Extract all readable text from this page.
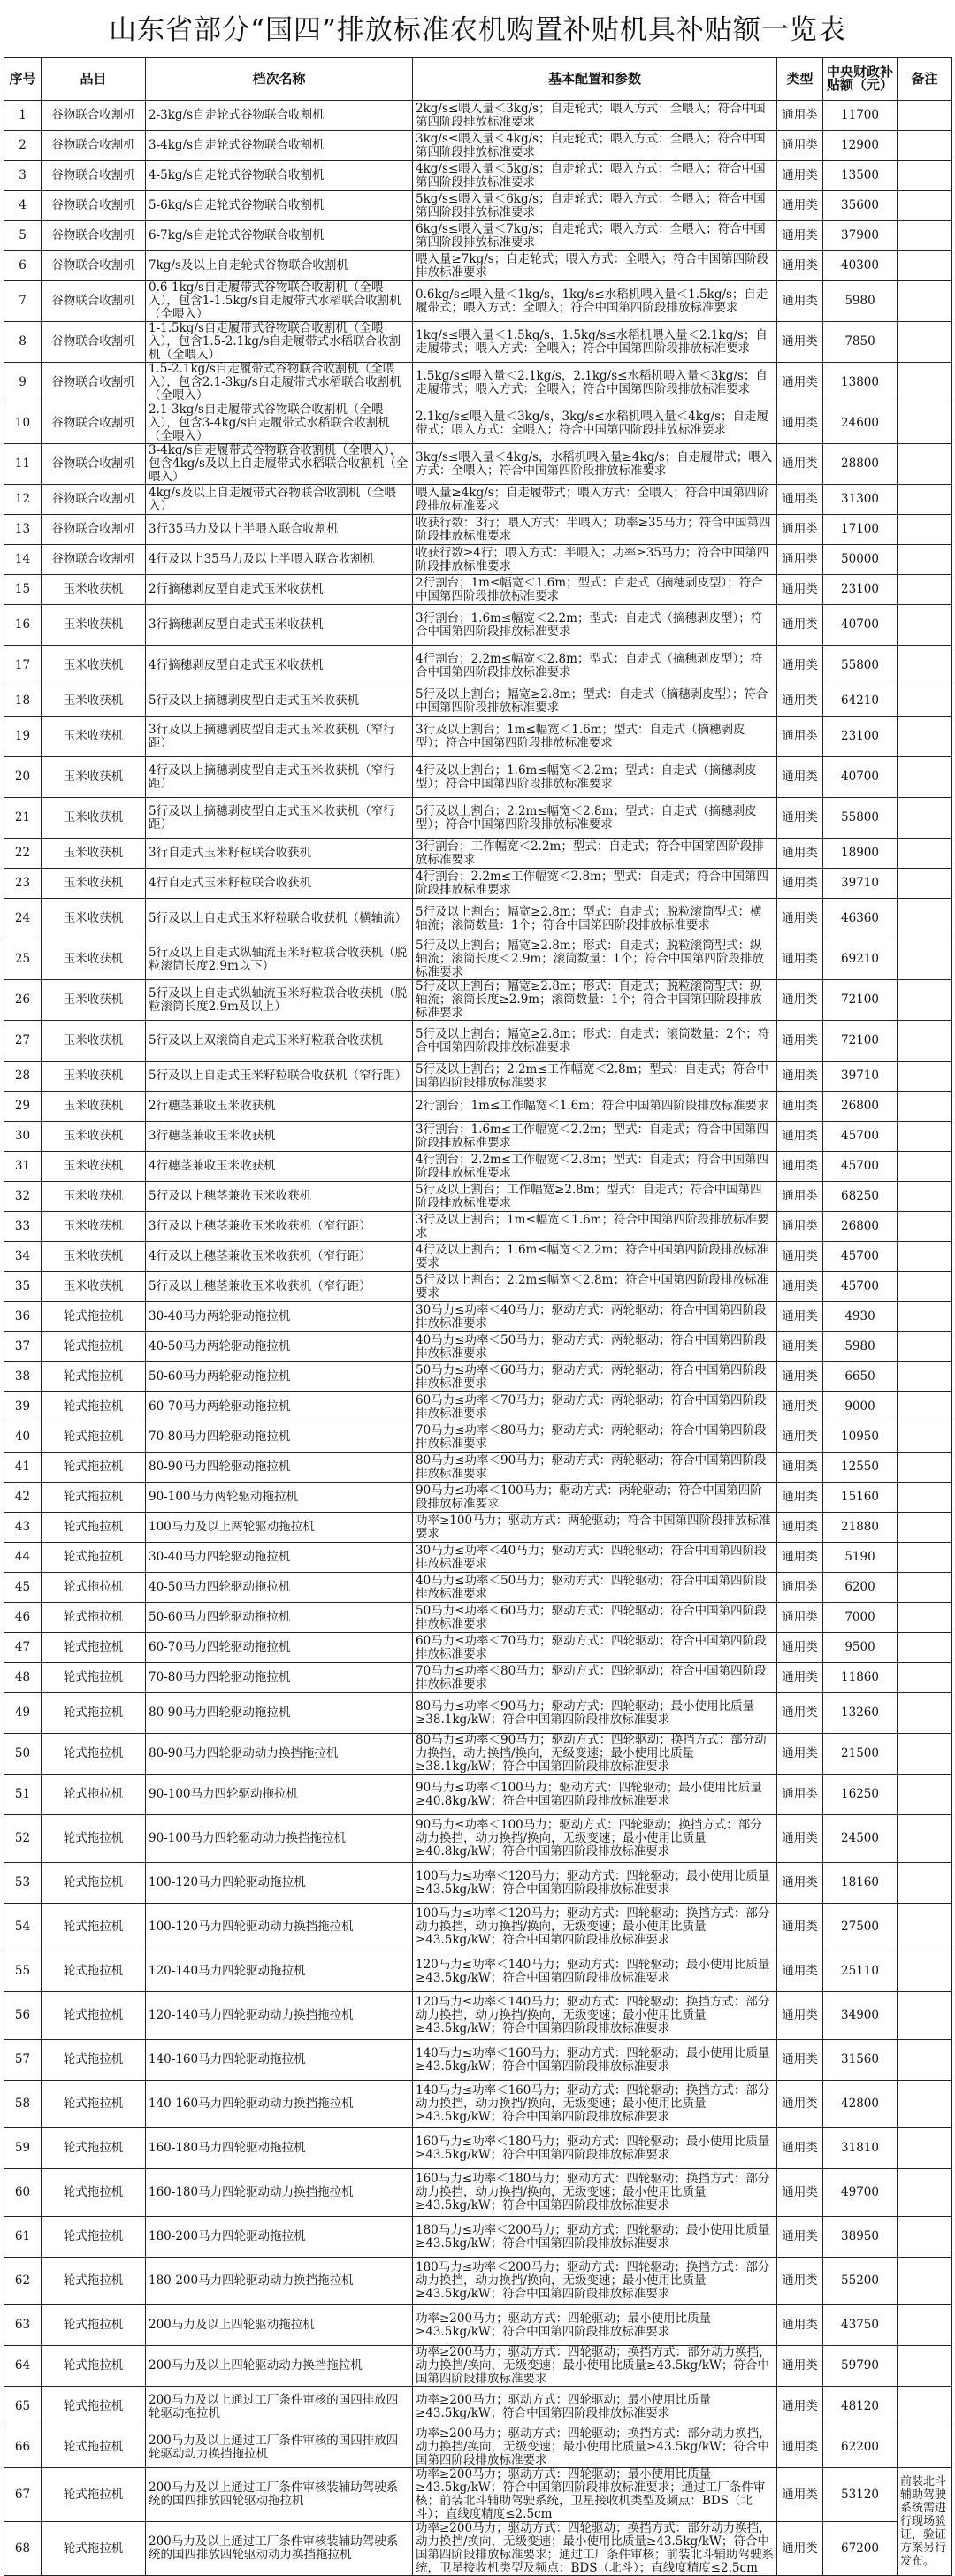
山东省部分“国四”排放标准农机购置补贴机具补贴额一览表
序号	品目	档次名称	基本配置和参数	类型	中央财政补贴额（元）	备注
1	谷物联合收割机	2-3kg/s自走轮式谷物联合收割机	2kg/s≤喂入量＜3kg/s；自走轮式；喂入方式：全喂入；符合中国第四阶段排放标准要求	通用类	11700	
2	谷物联合收割机	3-4kg/s自走轮式谷物联合收割机	3kg/s≤喂入量＜4kg/s；自走轮式；喂入方式：全喂入；符合中国第四阶段排放标准要求	通用类	12900	
3	谷物联合收割机	4-5kg/s自走轮式谷物联合收割机	4kg/s≤喂入量＜5kg/s；自走轮式；喂入方式：全喂入；符合中国第四阶段排放标准要求	通用类	13500	
4	谷物联合收割机	5-6kg/s自走轮式谷物联合收割机	5kg/s≤喂入量＜6kg/s；自走轮式；喂入方式：全喂入；符合中国第四阶段排放标准要求	通用类	35600	
5	谷物联合收割机	6-7kg/s自走轮式谷物联合收割机	6kg/s≤喂入量＜7kg/s；自走轮式；喂入方式：全喂入；符合中国第四阶段排放标准要求	通用类	37900	
6	谷物联合收割机	7kg/s及以上自走轮式谷物联合收割机	喂入量≥7kg/s；自走轮式；喂入方式：全喂入；符合中国第四阶段排放标准要求	通用类	40300	
7	谷物联合收割机	0.6-1kg/s自走履带式谷物联合收割机（全喂入），包含1-1.5kg/s自走履带式水稻联合收割机（全喂入）	0.6kg/s≤喂入量＜1kg/s，1kg/s≤水稻机喂入量＜1.5kg/s；自走履带式；喂入方式：全喂入；符合中国第四阶段排放标准要求	通用类	5980	
8	谷物联合收割机	1-1.5kg/s自走履带式谷物联合收割机（全喂入），包含1.5-2.1kg/s自走履带式水稻联合收割机（全喂入）	1kg/s≤喂入量＜1.5kg/s，1.5kg/s≤水稻机喂入量＜2.1kg/s；自走履带式；喂入方式：全喂入；符合中国第四阶段排放标准要求	通用类	7850	
9	谷物联合收割机	1.5-2.1kg/s自走履带式谷物联合收割机（全喂入），包含2.1-3kg/s自走履带式水稻联合收割机（全喂入）	1.5kg/s≤喂入量＜2.1kg/s，2.1kg/s≤水稻机喂入量＜3kg/s；自走履带式；喂入方式：全喂入；符合中国第四阶段排放标准要求	通用类	13800	
10	谷物联合收割机	2.1-3kg/s自走履带式谷物联合收割机（全喂入），包含3-4kg/s自走履带式水稻联合收割机（全喂入）	2.1kg/s≤喂入量＜3kg/s，3kg/s≤水稻机喂入量＜4kg/s；自走履带式；喂入方式：全喂入；符合中国第四阶段排放标准要求	通用类	24600	
11	谷物联合收割机	3-4kg/s自走履带式谷物联合收割机（全喂入），包含4kg/s及以上自走履带式水稻联合收割机（全喂入）	3kg/s≤喂入量＜4kg/s，水稻机喂入量≥4kg/s；自走履带式；喂入方式：全喂入；符合中国第四阶段排放标准要求	通用类	28800	
12	谷物联合收割机	4kg/s及以上自走履带式谷物联合收割机（全喂入）	喂入量≥4kg/s；自走履带式；喂入方式：全喂入；符合中国第四阶段排放标准要求	通用类	31300	
13	谷物联合收割机	3行35马力及以上半喂入联合收割机	收获行数：3行；喂入方式：半喂入；功率≥35马力；符合中国第四阶段排放标准要求	通用类	17100	
14	谷物联合收割机	4行及以上35马力及以上半喂入联合收割机	收获行数≥4行；喂入方式：半喂入；功率≥35马力；符合中国第四阶段排放标准要求	通用类	50000	
15	玉米收获机	2行摘穗剥皮型自走式玉米收获机	2行割台；1m≤幅宽＜1.6m；型式：自走式（摘穗剥皮型）；符合中国第四阶段排放标准要求	通用类	23100	
16	玉米收获机	3行摘穗剥皮型自走式玉米收获机	3行割台；1.6m≤幅宽＜2.2m；型式：自走式（摘穗剥皮型）；符合中国第四阶段排放标准要求	通用类	40700	
17	玉米收获机	4行摘穗剥皮型自走式玉米收获机	4行割台；2.2m≤幅宽＜2.8m；型式：自走式（摘穗剥皮型）；符合中国第四阶段排放标准要求	通用类	55800	
18	玉米收获机	5行及以上摘穗剥皮型自走式玉米收获机	5行及以上割台；幅宽≥2.8m；型式：自走式（摘穗剥皮型）；符合中国第四阶段排放标准要求	通用类	64210	
19	玉米收获机	3行及以上摘穗剥皮型自走式玉米收获机（窄行距）	3行及以上割台；1m≤幅宽＜1.6m；型式：自走式（摘穗剥皮型）；符合中国第四阶段排放标准要求	通用类	23100	
20	玉米收获机	4行及以上摘穗剥皮型自走式玉米收获机（窄行距）	4行及以上割台；1.6m≤幅宽＜2.2m；型式：自走式（摘穗剥皮型）；符合中国第四阶段排放标准要求	通用类	40700	
21	玉米收获机	5行及以上摘穗剥皮型自走式玉米收获机（窄行距）	5行及以上割台；2.2m≤幅宽＜2.8m；型式：自走式（摘穗剥皮型）；符合中国第四阶段排放标准要求	通用类	55800	
22	玉米收获机	3行自走式玉米籽粒联合收获机	3行割台；工作幅宽＜2.2m；型式：自走式；符合中国第四阶段排放标准要求	通用类	18900	
23	玉米收获机	4行自走式玉米籽粒联合收获机	4行割台；2.2m≤工作幅宽＜2.8m；型式：自走式；符合中国第四阶段排放标准要求	通用类	39710	
24	玉米收获机	5行及以上自走式玉米籽粒联合收获机（横轴流）	5行及以上割台；幅宽≥2.8m；型式：自走式；脱粒滚筒型式：横轴流；滚筒数量：1个；符合中国第四阶段排放标准要求	通用类	46360	
25	玉米收获机	5行及以上自走式纵轴流玉米籽粒联合收获机（脱粒滚筒长度2.9m以下）	5行及以上割台；幅宽≥2.8m；形式：自走式；脱粒滚筒型式：纵轴流；滚筒长度＜2.9m；滚筒数量：1个；符合中国第四阶段排放标准要求	通用类	69210	
26	玉米收获机	5行及以上自走式纵轴流玉米籽粒联合收获机（脱粒滚筒长度2.9m及以上）	5行及以上割台；幅宽≥2.8m；形式：自走式；脱粒滚筒型式：纵轴流；滚筒长度≥2.9m；滚筒数量：1个；符合中国第四阶段排放标准要求	通用类	72100	
27	玉米收获机	5行及以上双滚筒自走式玉米籽粒联合收获机	5行及以上割台；幅宽≥2.8m；形式：自走式；滚筒数量：2个；符合中国第四阶段排放标准要求	通用类	72100	
28	玉米收获机	5行及以上自走式玉米籽粒联合收获机（窄行距）	5行及以上割台；2.2m≤工作幅宽＜2.8m；型式：自走式；符合中国第四阶段排放标准要求	通用类	39710	
29	玉米收获机	2行穗茎兼收玉米收获机	2行割台；1m≤工作幅宽＜1.6m；符合中国第四阶段排放标准要求	通用类	26800	
30	玉米收获机	3行穗茎兼收玉米收获机	3行割台；1.6m≤工作幅宽＜2.2m；型式：自走式；符合中国第四阶段排放标准要求	通用类	45700	
31	玉米收获机	4行穗茎兼收玉米收获机	4行割台；2.2m≤工作幅宽＜2.8m；型式：自走式；符合中国第四阶段排放标准要求	通用类	45700	
32	玉米收获机	5行及以上穗茎兼收玉米收获机	5行及以上割台；工作幅宽≥2.8m；型式：自走式；符合中国第四阶段排放标准要求	通用类	68250	
33	玉米收获机	3行及以上穗茎兼收玉米收获机（窄行距）	3行及以上割台；1m≤幅宽＜1.6m；符合中国第四阶段排放标准要求	通用类	26800	
34	玉米收获机	4行及以上穗茎兼收玉米收获机（窄行距）	4行及以上割台；1.6m≤幅宽＜2.2m；符合中国第四阶段排放标准要求	通用类	45700	
35	玉米收获机	5行及以上穗茎兼收玉米收获机（窄行距）	5行及以上割台；2.2m≤幅宽＜2.8m；符合中国第四阶段排放标准要求	通用类	45700	
36	轮式拖拉机	30-40马力两轮驱动拖拉机	30马力≤功率＜40马力；驱动方式：两轮驱动；符合中国第四阶段排放标准要求	通用类	4930	
37	轮式拖拉机	40-50马力两轮驱动拖拉机	40马力≤功率＜50马力；驱动方式：两轮驱动；符合中国第四阶段排放标准要求	通用类	5980	
38	轮式拖拉机	50-60马力两轮驱动拖拉机	50马力≤功率＜60马力；驱动方式：两轮驱动；符合中国第四阶段排放标准要求	通用类	6650	
39	轮式拖拉机	60-70马力两轮驱动拖拉机	60马力≤功率＜70马力；驱动方式：两轮驱动；符合中国第四阶段排放标准要求	通用类	9000	
40	轮式拖拉机	70-80马力四轮驱动拖拉机	70马力≤功率＜80马力；驱动方式：两轮驱动；符合中国第四阶段排放标准要求	通用类	10950	
41	轮式拖拉机	80-90马力四轮驱动拖拉机	80马力≤功率＜90马力；驱动方式：两轮驱动；符合中国第四阶段排放标准要求	通用类	12550	
42	轮式拖拉机	90-100马力两轮驱动拖拉机	90马力≤功率＜100马力；驱动方式：两轮驱动；符合中国第四阶段排放标准要求	通用类	15160	
43	轮式拖拉机	100马力及以上两轮驱动拖拉机	功率≥100马力；驱动方式：两轮驱动；符合中国第四阶段排放标准要求	通用类	21880	
44	轮式拖拉机	30-40马力四轮驱动拖拉机	30马力≤功率＜40马力；驱动方式：四轮驱动；符合中国第四阶段排放标准要求	通用类	5190	
45	轮式拖拉机	40-50马力四轮驱动拖拉机	40马力≤功率＜50马力；驱动方式：四轮驱动；符合中国第四阶段排放标准要求	通用类	6200	
46	轮式拖拉机	50-60马力四轮驱动拖拉机	50马力≤功率＜60马力；驱动方式：四轮驱动；符合中国第四阶段排放标准要求	通用类	7000	
47	轮式拖拉机	60-70马力四轮驱动拖拉机	60马力≤功率＜70马力；驱动方式：四轮驱动；符合中国第四阶段排放标准要求	通用类	9500	
48	轮式拖拉机	70-80马力四轮驱动拖拉机	70马力≤功率＜80马力；驱动方式：四轮驱动；符合中国第四阶段排放标准要求	通用类	11860	
49	轮式拖拉机	80-90马力四轮驱动拖拉机	80马力≤功率＜90马力；驱动方式：四轮驱动；最小使用比质量≥38.1kg/kW；符合中国第四阶段排放标准要求	通用类	13260	
50	轮式拖拉机	80-90马力四轮驱动动力换挡拖拉机	80马力≤功率＜90马力；驱动方式：四轮驱动；换挡方式：部分动力换挡，动力换挡/换向，无级变速；最小使用比质量≥38.1kg/kW；符合中国第四阶段排放标准要求	通用类	21500	
51	轮式拖拉机	90-100马力四轮驱动拖拉机	90马力≤功率＜100马力；驱动方式：四轮驱动；最小使用比质量≥40.8kg/kW；符合中国第四阶段排放标准要求	通用类	16250	
52	轮式拖拉机	90-100马力四轮驱动动力换挡拖拉机	90马力≤功率＜100马力；驱动方式：四轮驱动；换挡方式：部分动力换挡，动力换挡/换向，无级变速；最小使用比质量≥40.8kg/kW；符合中国第四阶段排放标准要求	通用类	24500	
53	轮式拖拉机	100-120马力四轮驱动拖拉机	100马力≤功率＜120马力；驱动方式：四轮驱动；最小使用比质量≥43.5kg/kW；符合中国第四阶段排放标准要求	通用类	18160	
54	轮式拖拉机	100-120马力四轮驱动动力换挡拖拉机	100马力≤功率＜120马力；驱动方式：四轮驱动；换挡方式：部分动力换挡，动力换挡/换向，无级变速；最小使用比质量≥43.5kg/kW；符合中国第四阶段排放标准要求	通用类	27500	
55	轮式拖拉机	120-140马力四轮驱动拖拉机	120马力≤功率＜140马力；驱动方式：四轮驱动；最小使用比质量≥43.5kg/kW；符合中国第四阶段排放标准要求	通用类	25110	
56	轮式拖拉机	120-140马力四轮驱动动力换挡拖拉机	120马力≤功率＜140马力；驱动方式：四轮驱动；换挡方式：部分动力换挡，动力换挡/换向，无级变速；最小使用比质量≥43.5kg/kW；符合中国第四阶段排放标准要求	通用类	34900	
57	轮式拖拉机	140-160马力四轮驱动拖拉机	140马力≤功率＜160马力；驱动方式：四轮驱动；最小使用比质量≥43.5kg/kW；符合中国第四阶段排放标准要求	通用类	31560	
58	轮式拖拉机	140-160马力四轮驱动动力换挡拖拉机	140马力≤功率＜160马力；驱动方式：四轮驱动；换挡方式：部分动力换挡，动力换挡/换向，无级变速；最小使用比质量≥43.5kg/kW；符合中国第四阶段排放标准要求	通用类	42800	
59	轮式拖拉机	160-180马力四轮驱动拖拉机	160马力≤功率＜180马力；驱动方式：四轮驱动；最小使用比质量≥43.5kg/kW；符合中国第四阶段排放标准要求	通用类	31810	
60	轮式拖拉机	160-180马力四轮驱动动力换挡拖拉机	160马力≤功率＜180马力；驱动方式：四轮驱动；换挡方式：部分动力换挡，动力换挡/换向，无级变速；最小使用比质量≥43.5kg/kW；符合中国第四阶段排放标准要求	通用类	49700	
61	轮式拖拉机	180-200马力四轮驱动拖拉机	180马力≤功率＜200马力；驱动方式：四轮驱动；最小使用比质量≥43.5kg/kW；符合中国第四阶段排放标准要求	通用类	38950	
62	轮式拖拉机	180-200马力四轮驱动动力换挡拖拉机	180马力≤功率＜200马力；驱动方式：四轮驱动；换挡方式：部分动力换挡，动力换挡/换向，无级变速；最小使用比质量≥43.5kg/kW；符合中国第四阶段排放标准要求	通用类	55200	
63	轮式拖拉机	200马力及以上四轮驱动拖拉机	功率≥200马力；驱动方式：四轮驱动；最小使用比质量≥43.5kg/kW；符合中国第四阶段排放标准要求	通用类	43750	
64	轮式拖拉机	200马力及以上四轮驱动动力换挡拖拉机	功率≥200马力；驱动方式：四轮驱动；换挡方式：部分动力换挡，动力换挡/换向，无级变速；最小使用比质量≥43.5kg/kW；符合中国第四阶段排放标准要求	通用类	59790	
65	轮式拖拉机	200马力及以上通过工厂条件审核的国四排放四轮驱动拖拉机	功率≥200马力；驱动方式：四轮驱动；最小使用比质量≥43.5kg/kW；符合中国第四阶段排放标准要求	通用类	48120	
66	轮式拖拉机	200马力及以上通过工厂条件审核的国四排放四轮驱动动力换挡拖拉机	功率≥200马力；驱动方式：四轮驱动；换挡方式：部分动力换挡，动力换挡/换向，无级变速；最小使用比质量≥43.5kg/kW；符合中国第四阶段排放标准要求	通用类	62200	
67	轮式拖拉机	200马力及以上通过工厂条件审核装辅助驾驶系统的国四排放四轮驱动拖拉机	功率≥200马力；驱动方式：四轮驱动；最小使用比质量≥43.5kg/kW；符合中国第四阶段排放标准要求；通过工厂条件审核；前装北斗辅助驾驶系统，卫星接收机类型及频点：BDS（北斗）；直线度精度≤2.5cm	通用类	53120	前装北斗辅助驾驶系统需进行现场验证，验证方案另行发布。
68	轮式拖拉机	200马力及以上通过工厂条件审核装辅助驾驶系统的国四排放四轮驱动动力换挡拖拉机	功率≥200马力；驱动方式：四轮驱动；换挡方式：部分动力换挡，动力换挡/换向，无级变速；最小使用比质量≥43.5kg/kW；符合中国第四阶段排放标准要求；通过工厂条件审核；前装北斗辅助驾驶系统，卫星接收机类型及频点：BDS（北斗）；直线度精度≤2.5cm	通用类	67200	
